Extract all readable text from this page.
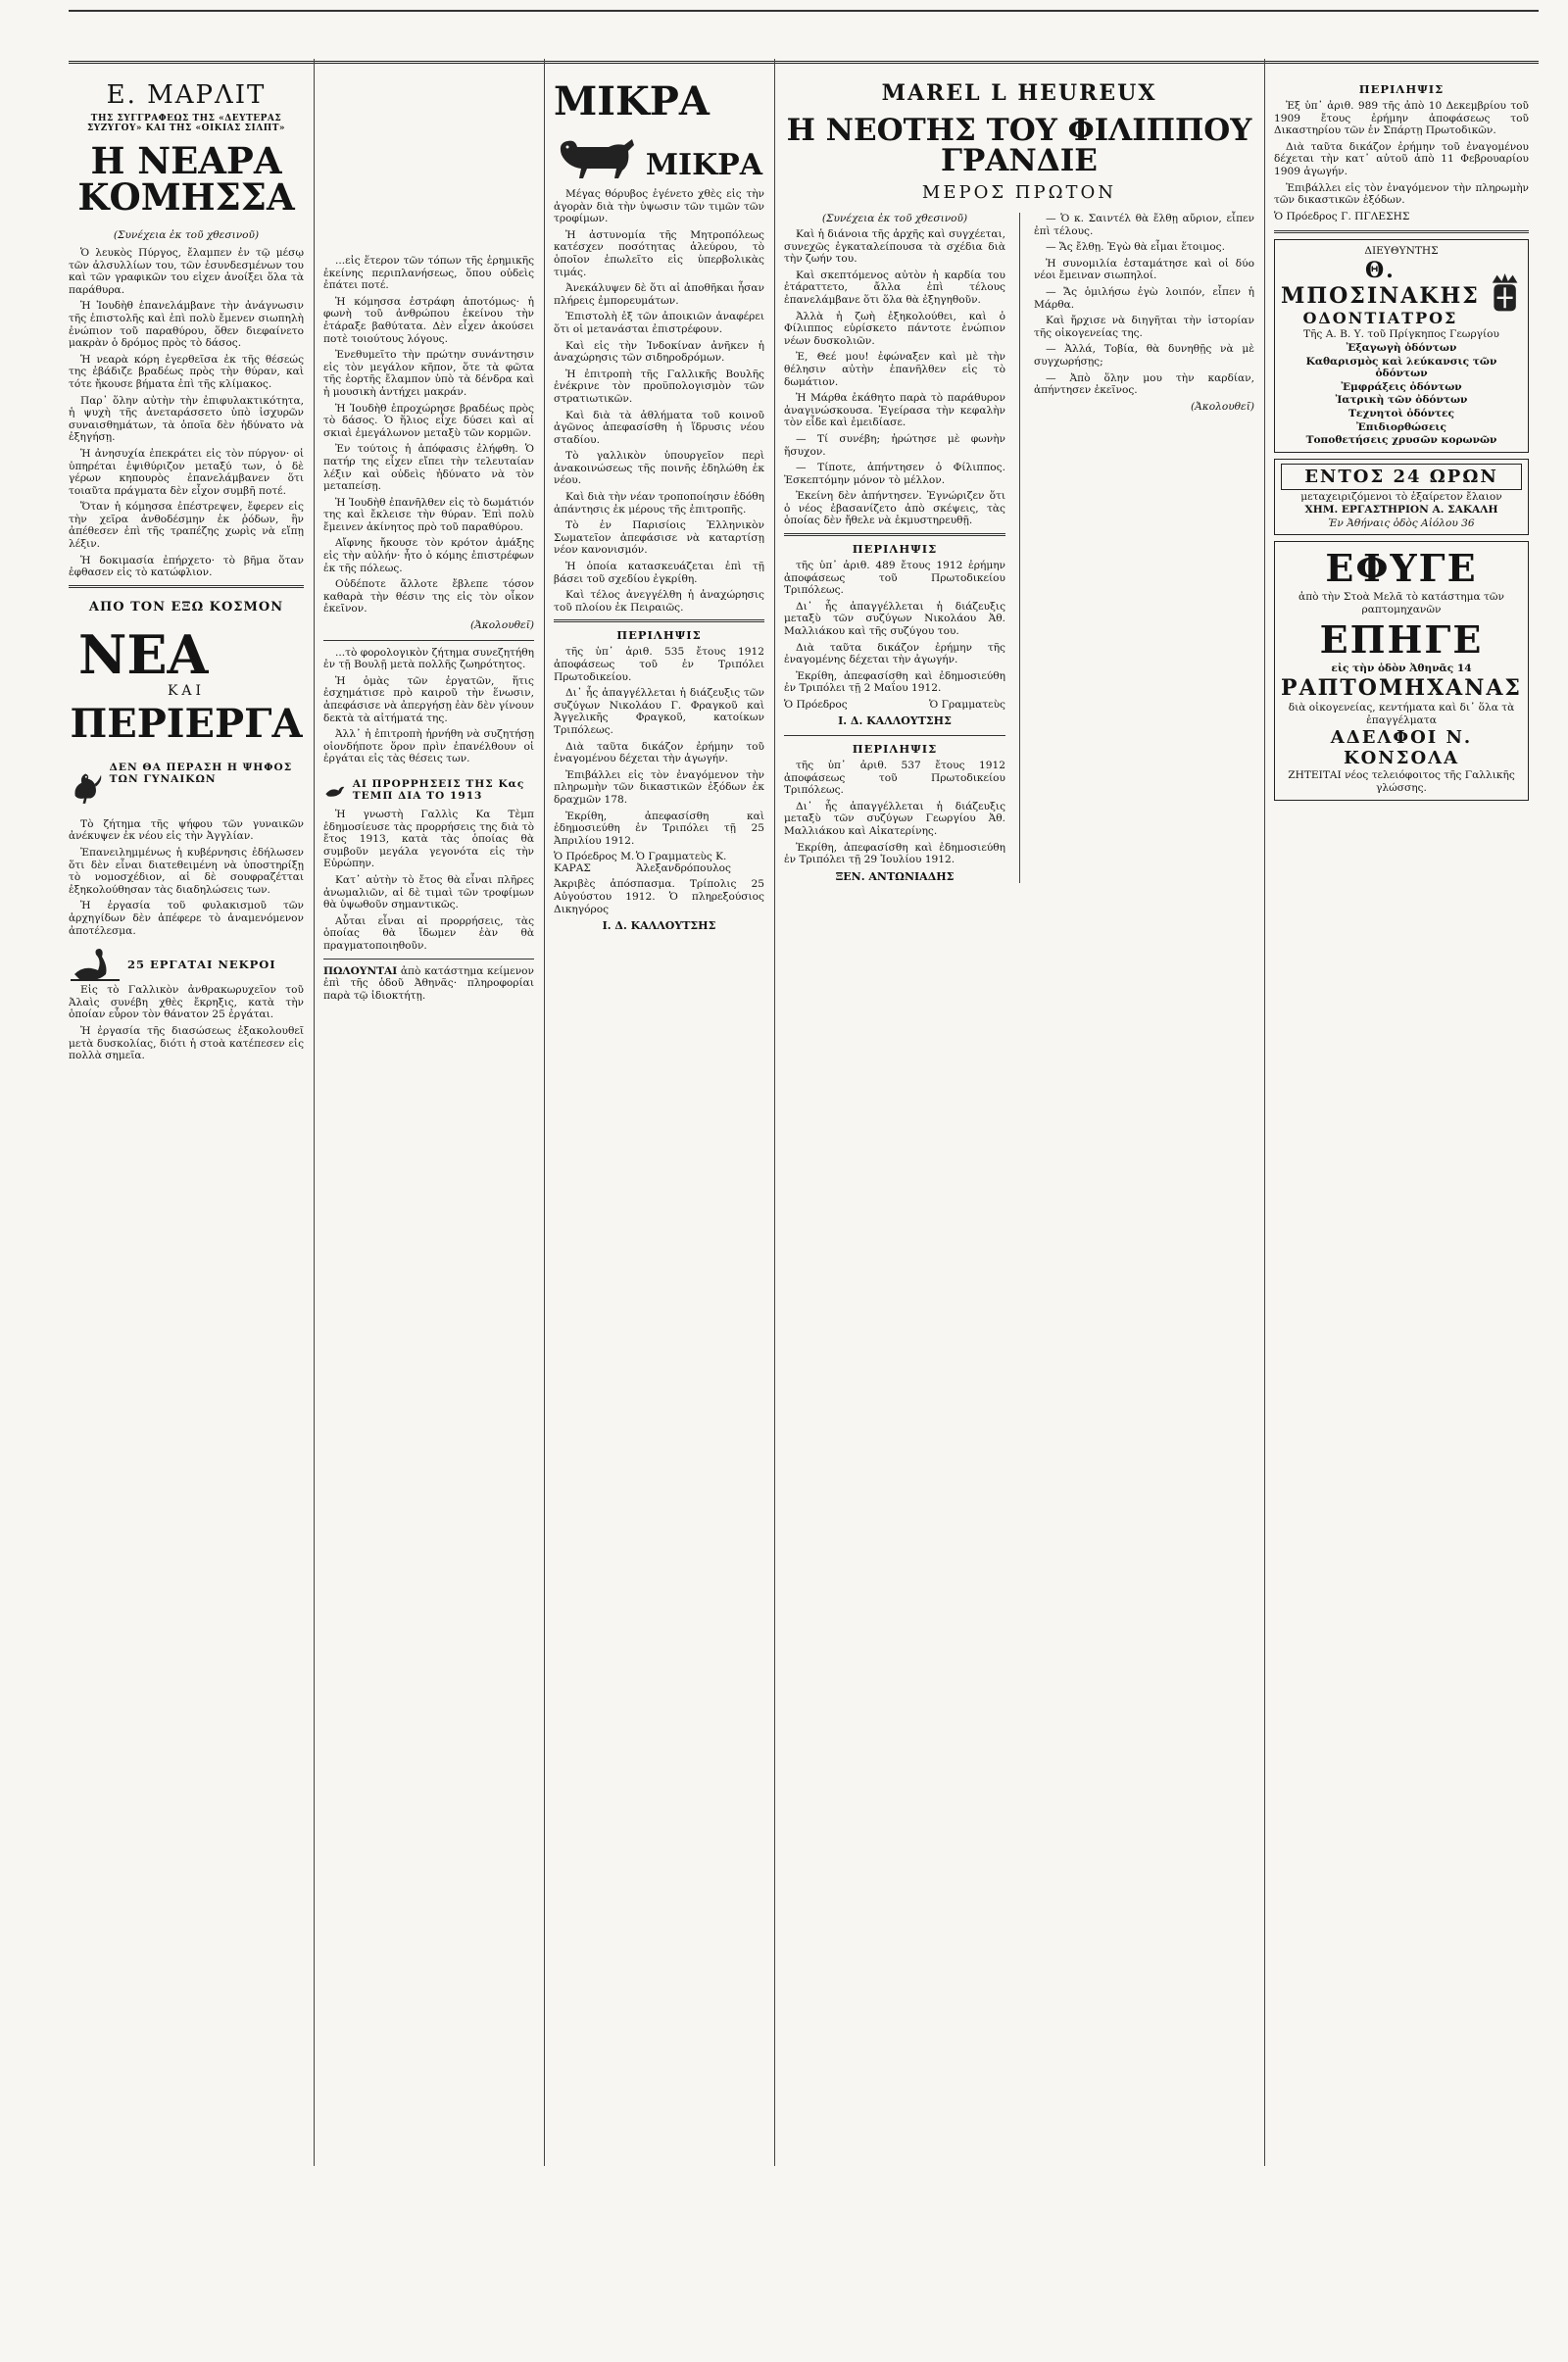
Ε. ΜΑΡΛΙΤ
ΤΗΣ ΣΥΓΓΡΑΦΕΩΣ ΤΗΣ «ΔΕΥΤΕΡΑΣ ΣΥΖΥΓΟΥ» ΚΑΙ ΤΗΣ «ΟΙΚΙΑΣ ΣΙΛΠΤ»
Η ΝΕΑΡΑ ΚΟΜΗΣΣΑ
(Συνέχεια ἐκ τοῦ χθεσινοῦ)

Ὁ λευκὸς Πύργος, ἔλαμπεν ἐν τῷ μέσῳ τῶν ἀλσυλλίων του, τῶν ἐσυνδεσμένων του καὶ τῶν γραφικῶν του εἰχεν ἀνοίξει ὅλα τὰ παράθυρα.

Ἡ Ἰουδὴθ ἐπανελάμβανε τὴν ἀνάγνωσιν τῆς ἐπιστολῆς καὶ ἐπὶ πολὺ ἔμενεν σιωπηλὴ ἐνώπιον τοῦ παραθύρου, ὅθεν διεφαίνετο μακρὰν ὁ δρόμος πρὸς τὸ δάσος.

Ἡ νεαρὰ κόρη ἐγερθεῖσα ἐκ τῆς θέσεώς της ἐβάδιζε βραδέως πρὸς τὴν θύραν, καὶ τότε ἤκουσε βήματα ἐπὶ τῆς κλίμακος.

Παρ᾽ ὅλην αὐτὴν τὴν ἐπιφυλακτικότητα, ἡ ψυχὴ τῆς ἀνεταράσσετο ὑπὸ ἰσχυρῶν συναισθημάτων, τὰ ὁποῖα δὲν ἠδύνατο νὰ ἐξηγήσῃ.

Ἡ ἀνησυχία ἐπεκράτει εἰς τὸν πύργον· οἱ ὑπηρέται ἐψιθύριζον μεταξύ των, ὁ δὲ γέρων κηπουρὸς ἐπανελάμβανεν ὅτι τοιαῦτα πράγματα δὲν εἶχον συμβῆ ποτέ.

Ὅταν ἡ κόμησσα ἐπέστρεψεν, ἔφερεν εἰς τὴν χεῖρα ἀνθοδέσμην ἐκ ῥόδων, ἣν ἀπέθεσεν ἐπὶ τῆς τραπέζης χωρὶς νὰ εἴπῃ λέξιν.

Ἡ δοκιμασία ἐπήρχετο· τὸ βῆμα ὅταν ἐφθασεν εἰς τὸ κατώφλιον.

ΑΠΟ ΤΟΝ ΕΞΩ ΚΟΣΜΟΝ
ΝΕΑ
ΚΑΙ
ΠΕΡΙΕΡΓΑ
ΔΕΝ ΘΑ ΠΕΡΑΣΗ Η ΨΗΦΟΣ ΤΩΝ ΓΥΝΑΙΚΩΝ

Τὸ ζήτημα τῆς ψήφου τῶν γυναικῶν ἀνέκυψεν ἐκ νέου εἰς τὴν Ἀγγλίαν.

Ἐπανειλημμένως ἡ κυβέρνησις ἐδήλωσεν ὅτι δὲν εἶναι διατεθειμένη νὰ ὑποστηρίξῃ τὸ νομοσχέδιον, αἱ δὲ σουφραζέτται ἐξηκολούθησαν τὰς διαδηλώσεις των.

Ἡ ἐργασία τοῦ φυλακισμοῦ τῶν ἀρχηγίδων δὲν ἀπέφερε τὸ ἀναμενόμενον ἀποτέλεσμα.

25 ΕΡΓΑΤΑΙ ΝΕΚΡΟΙ

Εἰς τὸ Γαλλικὸν ἀνθρακωρυχεῖον τοῦ Ἀλαὶς συνέβη χθὲς ἔκρηξις, κατὰ τὴν ὁποίαν εὗρον τὸν θάνατον 25 ἐργάται.

Ἡ ἐργασία τῆς διασώσεως ἐξακολουθεῖ μετὰ δυσκολίας, διότι ἡ στοὰ κατέπεσεν εἰς πολλὰ σημεῖα.

...εἰς ἕτερον τῶν τόπων τῆς ἐρημικῆς ἐκείνης περιπλανήσεως, ὅπου οὐδεὶς ἐπάτει ποτέ.

Ἡ κόμησσα ἐστράφη ἀποτόμως· ἡ φωνὴ τοῦ ἀνθρώπου ἐκείνου τὴν ἐτάραξε βαθύτατα. Δὲν εἶχεν ἀκούσει ποτὲ τοιούτους λόγους.

Ἐνεθυμεῖτο τὴν πρώτην συνάντησιν εἰς τὸν μεγάλον κῆπον, ὅτε τὰ φῶτα τῆς ἑορτῆς ἔλαμπον ὑπὸ τὰ δένδρα καὶ ἡ μουσικὴ ἀντήχει μακράν.

Ἡ Ἰουδὴθ ἐπροχώρησε βραδέως πρὸς τὸ δάσος. Ὁ ἥλιος εἶχε δύσει καὶ αἱ σκιαὶ ἐμεγάλωνον μεταξὺ τῶν κορμῶν.

Ἐν τούτοις ἡ ἀπόφασις ἐλήφθη. Ὁ πατήρ της εἶχεν εἴπει τὴν τελευταίαν λέξιν καὶ οὐδεὶς ἠδύνατο νὰ τὸν μεταπείσῃ.

Ἡ Ἰουδὴθ ἐπανῆλθεν εἰς τὸ δωμάτιόν της καὶ ἔκλεισε τὴν θύραν. Ἐπὶ πολὺ ἔμεινεν ἀκίνητος πρὸ τοῦ παραθύρου.

Αἴφνης ἤκουσε τὸν κρότον ἁμάξης εἰς τὴν αὐλήν· ἦτο ὁ κόμης ἐπιστρέφων ἐκ τῆς πόλεως.

Οὐδέποτε ἄλλοτε ἔβλεπε τόσον καθαρὰ τὴν θέσιν της εἰς τὸν οἶκον ἐκεῖνον.

(Ἀκολουθεῖ)

...τὸ φορολογικὸν ζήτημα συνεζητήθη ἐν τῇ Βουλῇ μετὰ πολλῆς ζωηρότητος.

Ἡ ὁμὰς τῶν ἐργατῶν, ἥτις ἐσχημάτισε πρὸ καιροῦ τὴν ἕνωσιν, ἀπεφάσισε νὰ ἀπεργήσῃ ἐὰν δὲν γίνουν δεκτὰ τὰ αἰτήματά της.

Ἀλλ᾽ ἡ ἐπιτροπὴ ἠρνήθη νὰ συζητήσῃ οἱονδήποτε ὅρον πρὶν ἐπανέλθουν οἱ ἐργάται εἰς τὰς θέσεις των.

ΑΙ ΠΡΟΡΡΗΣΕΙΣ ΤΗΣ Κας ΤΕΜΠ ΔΙΑ ΤΟ 1913

Ἡ γνωστὴ Γαλλὶς Κα Τὲμπ ἐδημοσίευσε τὰς προρρήσεις της διὰ τὸ ἔτος 1913, κατὰ τὰς ὁποίας θὰ συμβοῦν μεγάλα γεγονότα εἰς τὴν Εὐρώπην.

Κατ᾽ αὐτὴν τὸ ἔτος θὰ εἶναι πλῆρες ἀνωμαλιῶν, αἱ δὲ τιμαὶ τῶν τροφίμων θὰ ὑψωθοῦν σημαντικῶς.

Αὗται εἶναι αἱ προρρήσεις, τὰς ὁποίας θὰ ἴδωμεν ἐὰν θὰ πραγματοποιηθοῦν.

ΠΩΛΟΥΝΤΑΙ ἀπὸ κατάστημα κείμενον ἐπὶ τῆς ὁδοῦ Ἀθηνᾶς· πληροφορίαι παρὰ τῷ ἰδιοκτήτῃ.

ΜΙΚΡΑ
ΜΙΚΡΑ

Μέγας θόρυβος ἐγένετο χθὲς εἰς τὴν ἀγορὰν διὰ τὴν ὑψωσιν τῶν τιμῶν τῶν τροφίμων.

Ἡ ἀστυνομία τῆς Μητροπόλεως κατέσχεν ποσότητας ἀλεύρου, τὸ ὁποῖον ἐπωλεῖτο εἰς ὑπερβολικὰς τιμάς.

Ἀνεκάλυψεν δὲ ὅτι αἱ ἀποθῆκαι ἦσαν πλήρεις ἐμπορευμάτων.

Ἐπιστολὴ ἐξ τῶν ἀποικιῶν ἀναφέρει ὅτι οἱ μετανάσται ἐπιστρέφουν.

Καὶ εἰς τὴν Ἰνδοκίναν ἀνῆκεν ἡ ἀναχώρησις τῶν σιδηροδρόμων.

Ἡ ἐπιτροπὴ τῆς Γαλλικῆς Βουλῆς ἐνέκρινε τὸν προϋπολογισμὸν τῶν στρατιωτικῶν.

Καὶ διὰ τὰ ἀθλήματα τοῦ κοινοῦ ἀγῶνος ἀπεφασίσθη ἡ ἵδρυσις νέου σταδίου.

Τὸ γαλλικὸν ὑπουργεῖον περὶ ἀνακοινώσεως τῆς ποινῆς ἐδηλώθη ἐκ νέου.

Καὶ διὰ τὴν νέαν τροποποίησιν ἐδόθη ἀπάντησις ἐκ μέρους τῆς ἐπιτροπῆς.

Τὸ ἐν Παρισίοις Ἐλληνικὸν Σωματεῖον ἀπεφάσισε νὰ καταρτίσῃ νέον κανονισμόν.

Ἡ ὁποία κατασκευάζεται ἐπὶ τῇ βάσει τοῦ σχεδίου ἐγκρίθη.

Καὶ τέλος ἀνεγγέλθη ἡ ἀναχώρησις τοῦ πλοίου ἐκ Πειραιῶς.

ΠΕΡΙΛΗΨΙΣ

τῆς ὑπ᾽ ἀριθ. 535 ἔτους 1912 ἀποφάσεως τοῦ ἐν Τριπόλει Πρωτοδικείου.

Δι᾽ ἧς ἀπαγγέλλεται ἡ διάζευξις τῶν συζύγων Νικολάου Γ. Φραγκοῦ καὶ Ἀγγελικῆς Φραγκοῦ, κατοίκων Τριπόλεως.

Διὰ ταῦτα δικάζον ἐρήμην τοῦ ἐναγομένου δέχεται τὴν ἀγωγήν.

Ἐπιβάλλει εἰς τὸν ἐναγόμενον τὴν πληρωμὴν τῶν δικαστικῶν ἐξόδων ἐκ δραχμῶν 178.

Ἐκρίθη, ἀπεφασίσθη καὶ ἐδημοσιεύθη ἐν Τριπόλει τῇ 25 Ἀπριλίου 1912.

Ὁ Πρόεδρος Μ. ΚΑΡΑΣ
Ὁ Γραμματεὺς Κ. Ἀλεξανδρόπουλος

Ἀκριβὲς ἀπόσπασμα. Τρίπολις 25 Αὐγούστου 1912. Ὁ πληρεξούσιος Δικηγόρος

Ι. Δ. ΚΑΛΛΟΥΤΣΗΣ
MAREL L HEUREUX
Η ΝΕΟΤΗΣ ΤΟΥ ΦΙΛΙΠΠΟΥ ΓΡΑΝΔΙΕ
ΜΕΡΟΣ ΠΡΩΤΟΝ
(Συνέχεια ἐκ τοῦ χθεσινοῦ)

Καὶ ἡ διάνοια τῆς ἀρχῆς καὶ συγχέεται, συνεχῶς ἐγκαταλείπουσα τὰ σχέδια διὰ τὴν ζωήν του.

Καὶ σκεπτόμενος αὐτὸν ἡ καρδία του ἐτάραττετο, ἄλλα ἐπὶ τέλους ἐπανελάμβανε ὅτι ὅλα θὰ ἐξηγηθοῦν.

Ἀλλὰ ἡ ζωὴ ἐξηκολούθει, καὶ ὁ Φίλιππος εὑρίσκετο πάντοτε ἐνώπιον νέων δυσκολιῶν.

Ἐ, Θεέ μου! ἐφώναξεν καὶ μὲ τὴν θέλησιν αὐτὴν ἐπανῆλθεν εἰς τὸ δωμάτιον.

Ἡ Μάρθα ἐκάθητο παρὰ τὸ παράθυρον ἀναγινώσκουσα. Ἐγείρασα τὴν κεφαλὴν τὸν εἶδε καὶ ἐμειδίασε.

— Τί συνέβη; ἠρώτησε μὲ φωνὴν ἥσυχον.

— Τίποτε, ἀπήντησεν ὁ Φίλιππος. Ἐσκεπτόμην μόνον τὸ μέλλον.

Ἐκείνη δὲν ἀπήντησεν. Ἐγνώριζεν ὅτι ὁ νέος ἐβασανίζετο ἀπὸ σκέψεις, τὰς ὁποίας δὲν ἤθελε νὰ ἐκμυστηρευθῇ.

ΠΕΡΙΛΗΨΙΣ

τῆς ὑπ᾽ ἀριθ. 489 ἔτους 1912 ἐρήμην ἀποφάσεως τοῦ Πρωτοδικείου Τριπόλεως.

Δι᾽ ἧς ἀπαγγέλλεται ἡ διάζευξις μεταξὺ τῶν συζύγων Νικολάου Ἀθ. Μαλλιάκου καὶ τῆς συζύγου του.

Διὰ ταῦτα δικάζον ἐρήμην τῆς ἐναγομένης δέχεται τὴν ἀγωγήν.

Ἐκρίθη, ἀπεφασίσθη καὶ ἐδημοσιεύθη ἐν Τριπόλει τῇ 2 Μαΐου 1912.

Ὁ Πρόεδρος	Ὁ Γραμματεὺς
Ι. Δ. ΚΑΛΛΟΥΤΣΗΣ
ΠΕΡΙΛΗΨΙΣ

τῆς ὑπ᾽ ἀριθ. 537 ἔτους 1912 ἀποφάσεως τοῦ Πρωτοδικείου Τριπόλεως.

Δι᾽ ἧς ἀπαγγέλλεται ἡ διάζευξις μεταξὺ τῶν συζύγων Γεωργίου Ἀθ. Μαλλιάκου καὶ Αἰκατερίνης.

Ἐκρίθη, ἀπεφασίσθη καὶ ἐδημοσιεύθη ἐν Τριπόλει τῇ 29 Ἰουλίου 1912.

ΞΕΝ. ΑΝΤΩΝΙΑΔΗΣ

— Ὁ κ. Σαιντέλ θὰ ἔλθῃ αὔριον, εἶπεν ἐπὶ τέλους.

— Ἄς ἔλθῃ. Ἐγὼ θὰ εἶμαι ἕτοιμος.

Ἡ συνομιλία ἐσταμάτησε καὶ οἱ δύο νέοι ἔμειναν σιωπηλοί.

— Ἄς ὁμιλήσω ἐγὼ λοιπόν, εἶπεν ἡ Μάρθα.

Καὶ ἤρχισε νὰ διηγῆται τὴν ἱστορίαν τῆς οἰκογενείας της.

— Ἀλλά, Τοβία, θὰ δυνηθῇς νὰ μὲ συγχωρήσῃς;

— Ἀπὸ ὅλην μου τὴν καρδίαν, ἀπήντησεν ἐκεῖνος.

(Ἀκολουθεῖ)
ΠΕΡΙΛΗΨΙΣ

Ἐξ ὑπ᾽ ἀριθ. 989 τῆς ἀπὸ 10 Δεκεμβρίου τοῦ 1909 ἔτους ἐρήμην ἀποφάσεως τοῦ Δικαστηρίου τῶν ἐν Σπάρτῃ Πρωτοδικῶν.

Διὰ ταῦτα δικάζον ἐρήμην τοῦ ἐναγομένου δέχεται τὴν κατ᾽ αὐτοῦ ἀπὸ 11 Φεβρουαρίου 1909 ἀγωγήν.

Ἐπιβάλλει εἰς τὸν ἐναγόμενον τὴν πληρωμὴν τῶν δικαστικῶν ἐξόδων.

Ὁ Πρόεδρος Γ. ΠΓΛΕΣΗΣ
ΔΙΕΥΘΥΝΤΗΣ
Θ. ΜΠΟΣΙΝΑΚΗΣ
ΟΔΟΝΤΙΑΤΡΟΣ
Τῆς Α. Β. Υ. τοῦ Πρίγκηπος Γεωργίου
Ἐξαγωγὴ ὀδόντων
Καθαρισμὸς καὶ λεύκανσις τῶν ὀδόντων
Ἐμφράξεις ὀδόντων
Ἰατρικὴ τῶν ὀδόντων
Τεχνητοὶ ὀδόντες
Ἐπιδιορθώσεις
Τοποθετήσεις χρυσῶν κορωνῶν
ΕΝΤΟΣ 24 ΩΡΩΝ
μεταχειριζόμενοι τὸ ἐξαίρετον ἔλαιον
ΧΗΜ. ΕΡΓΑΣΤΗΡΙΟΝ Α. ΣΑΚΑΛΗ
Ἐν Ἀθήναις ὁδὸς Αἰόλου 36
ΕΦΥΓΕ
ἀπὸ τὴν Στοὰ Μελᾶ τὸ κατάστημα τῶν ραπτομηχανῶν
ΕΠΗΓΕ
εἰς τὴν ὁδὸν Ἀθηνᾶς 14
ΡΑΠΤΟΜΗΧΑΝΑΣ
διὰ οἰκογενείας, κεντήματα καὶ δι᾽ ὅλα τὰ ἐπαγγέλματα
ΑΔΕΛΦΟΙ Ν. ΚΟΝΣΟΛΑ
ΖΗΤΕΙΤΑΙ νέος τελειόφοιτος τῆς Γαλλικῆς γλώσσης.
